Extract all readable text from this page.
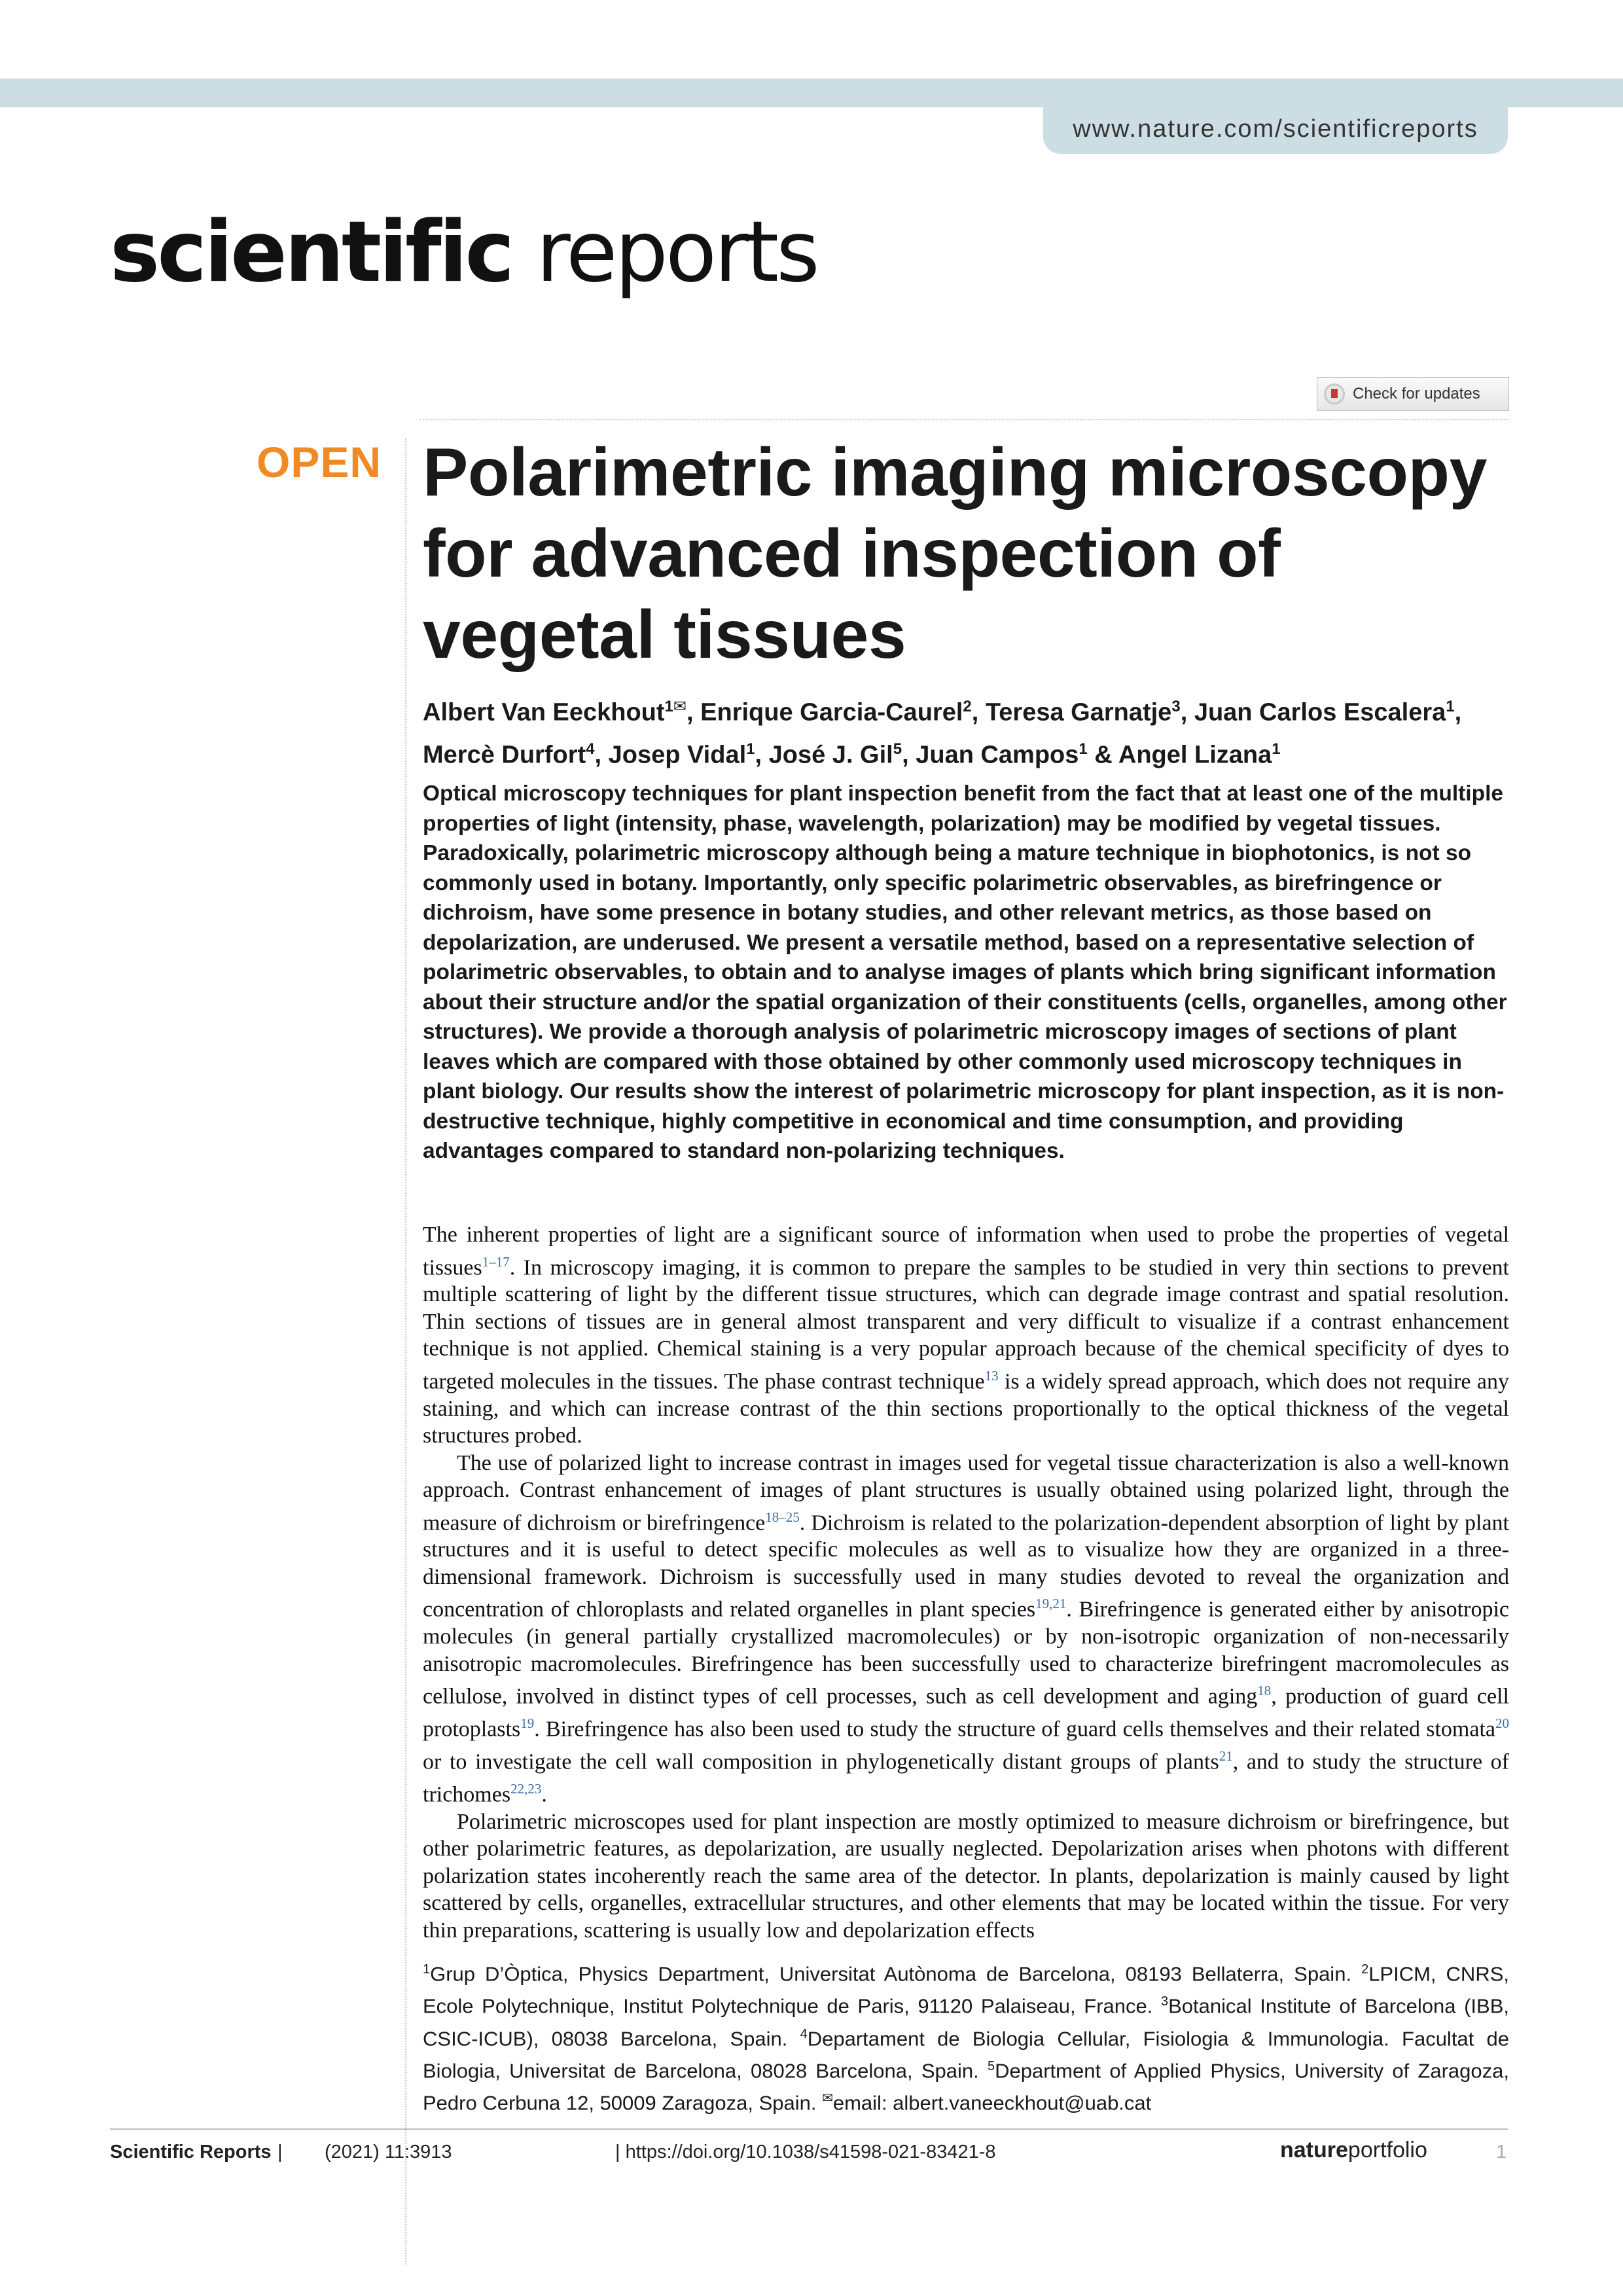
www.nature.com/scientificreports
scientific reports
Check for updates
OPEN Polarimetric imaging microscopy for advanced inspection of vegetal tissues

Albert Van Eeckhout$^{1✉}$, Enrique Garcia-Caurel$^2$, Teresa Garnatje$^3$, Juan Carlos Escalera$^1$, Mercè Durfort$^4$, Josep Vidal$^1$, José J. Gil$^5$, Juan Campos$^1$ & Angel Lizana$^1$

Optical microscopy techniques for plant inspection benefit from the fact that at least one of the multiple properties of light (intensity, phase, wavelength, polarization) may be modified by vegetal tissues. Paradoxically, polarimetric microscopy although being a mature technique in biophotonics, is not so commonly used in botany. Importantly, only specific polarimetric observables, as birefringence or dichroism, have some presence in botany studies, and other relevant metrics, as those based on depolarization, are underused. We present a versatile method, based on a representative selection of polarimetric observables, to obtain and to analyse images of plants which bring significant information about their structure and/or the spatial organization of their constituents (cells, organelles, among other structures). We provide a thorough analysis of polarimetric microscopy images of sections of plant leaves which are compared with those obtained by other commonly used microscopy techniques in plant biology. Our results show the interest of polarimetric microscopy for plant inspection, as it is non-destructive technique, highly competitive in economical and time consumption, and providing advantages compared to standard non-polarizing techniques.

The inherent properties of light are a significant source of information when used to probe the properties of vegetal tissues$^{1-17}$. In microscopy imaging, it is common to prepare the samples to be studied in very thin sections to prevent multiple scattering of light by the different tissue structures, which can degrade image contrast and spatial resolution. Thin sections of tissues are in general almost transparent and very difficult to visualize if a contrast enhancement technique is not applied. Chemical staining is a very popular approach because of the chemical specificity of dyes to targeted molecules in the tissues. The phase contrast technique$^{13}$ is a widely spread approach, which does not require any staining, and which can increase contrast of the thin sections proportionally to the optical thickness of the vegetal structures probed.

The use of polarized light to increase contrast in images used for vegetal tissue characterization is also a well-known approach. Contrast enhancement of images of plant structures is usually obtained using polarized light, through the measure of dichroism or birefringence$^{18-25}$. Dichroism is related to the polarization-dependent absorption of light by plant structures and it is useful to detect specific molecules as well as to visualize how they are organized in a three-dimensional framework. Dichroism is successfully used in many studies devoted to reveal the organization and concentration of chloroplasts and related organelles in plant species$^{19,21}$. Birefringence is generated either by anisotropic molecules (in general partially crystallized macromolecules) or by non-isotropic organization of non-necessarily anisotropic macromolecules. Birefringence has been successfully used to characterize birefringent macromolecules as cellulose, involved in distinct types of cell processes, such as cell development and aging$^{18}$, production of guard cell protoplasts$^{19}$. Birefringence has also been used to study the structure of guard cells themselves and their related stomata$^{20}$ or to investigate the cell wall composition in phylogenetically distant groups of plants$^{21}$, and to study the structure of trichomes$^{22,23}$.

Polarimetric microscopes used for plant inspection are mostly optimized to measure dichroism or birefringence, but other polarimetric features, as depolarization, are usually neglected. Depolarization arises when photons with different polarization states incoherently reach the same area of the detector. In plants, depolarization is mainly caused by light scattered by cells, organelles, extracellular structures, and other elements that may be located within the tissue. For very thin preparations, scattering is usually low and depolarization effects

$^1$Grup D’Òptica, Physics Department, Universitat Autònoma de Barcelona, 08193 Bellaterra, Spain. $^2$LPICM, CNRS, Ecole Polytechnique, Institut Polytechnique de Paris, 91120 Palaiseau, France. $^3$Botanical Institute of Barcelona (IBB, CSIC-ICUB), 08038 Barcelona, Spain. $^4$Departament de Biologia Cellular, Fisiologia & Immunologia. Facultat de Biologia, Universitat de Barcelona, 08028 Barcelona, Spain. $^5$Department of Applied Physics, University of Zaragoza, Pedro Cerbuna 12, 50009 Zaragoza, Spain. ✉email: albert.vaneeckhout@uab.cat

Scientific Reports | (2021) 11:3913	| https://doi.org/10.1038/s41598-021-83421-8	natureportfolio	1
